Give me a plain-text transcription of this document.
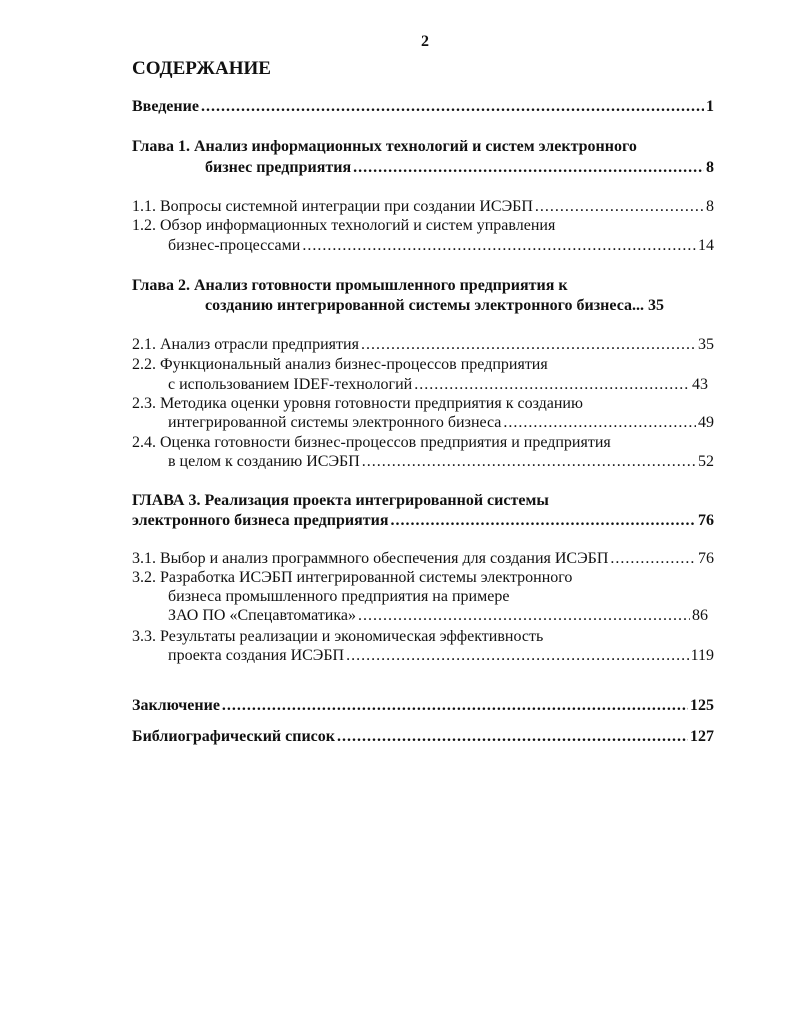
2
СОДЕРЖАНИЕ
Введение .....	1
Глава 1. Анализ информационных технологий и систем электронного
бизнес предприятия .....	8
1.1. Вопросы системной интеграции при создании ИСЭБП .....	8
1.2. Обзор информационных технологий и систем управления
бизнес-процессами .....	14
Глава 2. Анализ готовности промышленного предприятия к
созданию интегрированной системы электронного бизнеса... 35
2.1. Анализ отрасли предприятия .....	35
2.2. Функциональный анализ бизнес-процессов предприятия
с использованием IDEF-технологий .....	43
2.3. Методика оценки уровня готовности предприятия к созданию
интегрированной системы электронного бизнеса .....	49
2.4. Оценка готовности бизнес-процессов предприятия и предприятия
в целом к созданию ИСЭБП .....	52
ГЛАВА 3. Реализация проекта интегрированной системы
электронного бизнеса предприятия .....	76
3.1. Выбор и анализ программного обеспечения для создания ИСЭБП .....	76
3.2. Разработка ИСЭБП интегрированной системы электронного
бизнеса промышленного предприятия на примере
ЗАО ПО «Спецавтоматика» .....	86
3.3. Результаты реализации и экономическая эффективность
проекта создания ИСЭБП .....	119
Заключение .....	125
Библиографический список .....	127
